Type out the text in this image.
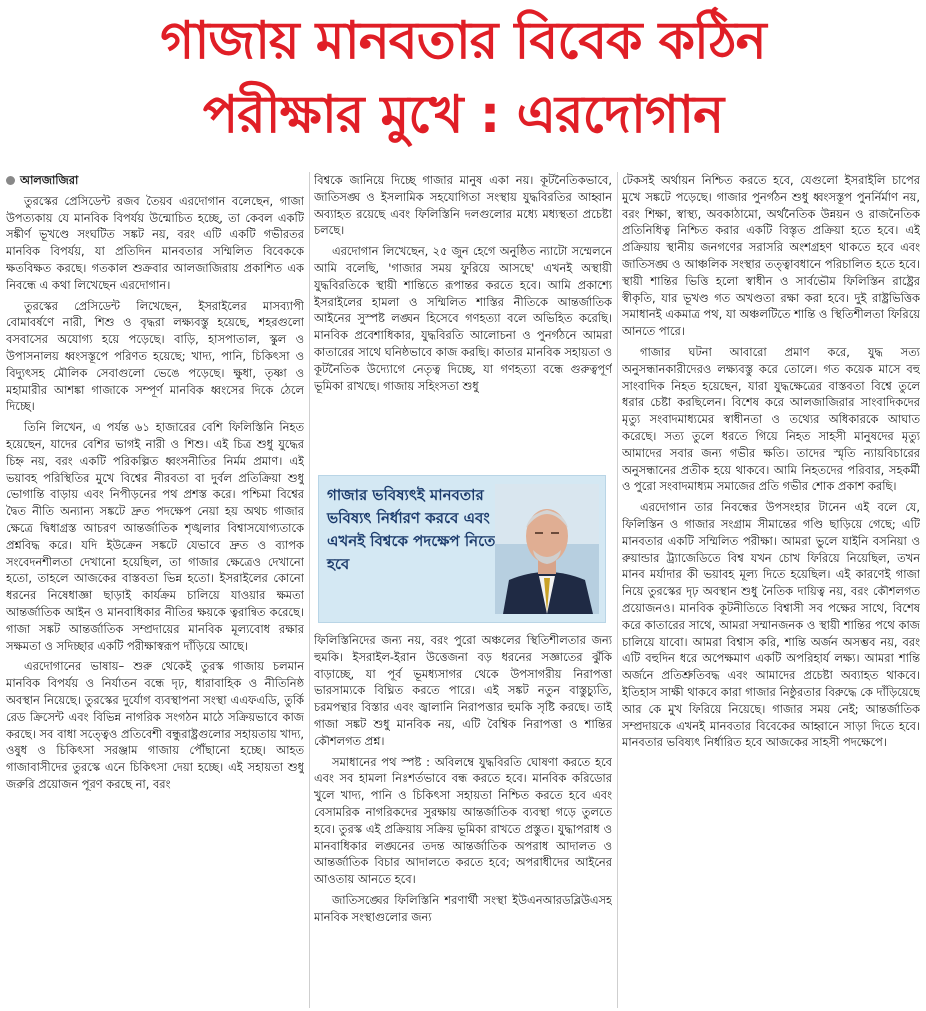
গাজায় মানবতার বিবেক কঠিন
পরীক্ষার মুখে : এরদোগান

আলজাজিরা

তুরস্কের প্রেসিডেন্ট রজব তৈয়ব এরদোগান বলেছেন, গাজা উপত্যকায় যে মানবিক বিপর্যয় উন্মোচিত হচ্ছে, তা কেবল একটি সঙ্কীর্ণ ভূখণ্ডে সংঘটিত সঙ্কট নয়, বরং এটি একটি গভীরতর মানবিক বিপর্যয়, যা প্রতিদিন মানবতার সম্মিলিত বিবেককে ক্ষতবিক্ষত করছে। গতকাল শুক্রবার আলজাজিরায় প্রকাশিত এক নিবন্ধে এ কথা লিখেছেন এরদোগান।

তুরস্কের প্রেসিডেন্ট লিখেছেন, ইসরাইলের মাসব্যাপী বোমাবর্ষণে নারী, শিশু ও বৃদ্ধরা লক্ষ্যবস্তু হয়েছে, শহরগুলো বসবাসের অযোগ্য হয়ে পড়েছে। বাড়ি, হাসপাতাল, স্কুল ও উপাসনালয় ধ্বংসস্তূপে পরিণত হয়েছে; খাদ্য, পানি, চিকিৎসা ও বিদ্যুৎসহ মৌলিক সেবাগুলো ভেঙে পড়েছে। ক্ষুধা, তৃষ্ণা ও মহামারীর আশঙ্কা গাজাকে সম্পূর্ণ মানবিক ধ্বংসের দিকে ঠেলে দিচ্ছে।

তিনি লিখেন, এ পর্যন্ত ৬১ হাজারের বেশি ফিলিস্তিনি নিহত হয়েছেন, যাদের বেশির ভাগই নারী ও শিশু। এই চিত্র শুধু যুদ্ধের চিহ্ন নয়, বরং একটি পরিকল্পিত ধ্বংসনীতির নির্মম প্রমাণ। এই ভয়াবহ পরিস্থিতির মুখে বিশ্বের নীরবতা বা দুর্বল প্রতিক্রিয়া শুধু ভোগান্তি বাড়ায় এবং নিপীড়নের পথ প্রশস্ত করে। পশ্চিমা বিশ্বের দ্বৈত নীতি অন্যান্য সঙ্কটে দ্রুত পদক্ষেপ নেয়া হয় অথচ গাজার ক্ষেত্রে দ্বিধাগ্রস্ত আচরণ আন্তর্জাতিক শৃঙ্খলার বিশ্বাসযোগ্যতাকে প্রশ্নবিদ্ধ করে। যদি ইউক্রেন সঙ্কটে যেভাবে দ্রুত ও ব্যাপক সংবেদনশীলতা দেখানো হয়েছিল, তা গাজার ক্ষেত্রেও দেখানো হতো, তাহলে আজকের বাস্তবতা ভিন্ন হতো। ইসরাইলের কোনো ধরনের নিষেধাজ্ঞা ছাড়াই কার্যক্রম চালিয়ে যাওয়ার ক্ষমতা আন্তর্জাতিক আইন ও মানবাধিকার নীতির ক্ষয়কে ত্বরান্বিত করেছে। গাজা সঙ্কট আন্তর্জাতিক সম্প্রদায়ের মানবিক মূল্যবোধ রক্ষার সক্ষমতা ও সদিচ্ছার একটি পরীক্ষাস্বরূপ দাঁড়িয়ে আছে।

এরদোগানের ভাষায়– শুরু থেকেই তুরস্ক গাজায় চলমান মানবিক বিপর্যয় ও নির্যাতন বন্ধে দৃঢ়, ধারাবাহিক ও নীতিনিষ্ঠ অবস্থান নিয়েছে। তুরস্কের দুর্যোগ ব্যবস্থাপনা সংস্থা এএফএডি, তুর্কি রেড ক্রিসেন্ট এবং বিভিন্ন নাগরিক সংগঠন মাঠে সক্রিয়ভাবে কাজ করছে। সব বাধা সত্ত্বেও প্রতিবেশী বন্ধুরাষ্ট্রগুলোর সহায়তায় খাদ্য, ওষুধ ও চিকিৎসা সরঞ্জাম গাজায় পৌঁছানো হচ্ছে। আহত গাজাবাসীদের তুরস্কে এনে চিকিৎসা দেয়া হচ্ছে। এই সহায়তা শুধু জরুরি প্রয়োজন পূরণ করছে না, বরং

বিশ্বকে জানিয়ে দিচ্ছে গাজার মানুষ একা নয়। কূটনৈতিকভাবে, জাতিসঙ্ঘ ও ইসলামিক সহযোগিতা সংস্থায় যুদ্ধবিরতির আহ্বান অব্যাহত রয়েছে এবং ফিলিস্তিনি দলগুলোর মধ্যে মধ্যস্থতা প্রচেষ্টা চলছে।

এরদোগান লিখেছেন, ২৫ জুন হেগে অনুষ্ঠিত ন্যাটো সম্মেলনে আমি বলেছি, 'গাজার সময় ফুরিয়ে আসছে' এখনই অস্থায়ী যুদ্ধবিরতিকে স্থায়ী শান্তিতে রূপান্তর করতে হবে। আমি প্রকাশ্যে ইসরাইলের হামলা ও সম্মিলিত শাস্তির নীতিকে আন্তর্জাতিক আইনের সুস্পষ্ট লঙ্ঘন হিসেবে গণহত্যা বলে অভিহিত করেছি। মানবিক প্রবেশাধিকার, যুদ্ধবিরতি আলোচনা ও পুনর্গঠনে আমরা কাতারের সাথে ঘনিষ্ঠভাবে কাজ করছি। কাতার মানবিক সহায়তা ও কূটনৈতিক উদ্যোগে নেতৃত্ব দিচ্ছে, যা গণহত্যা বন্ধে গুরুত্বপূর্ণ ভূমিকা রাখছে। গাজায় সহিংসতা শুধু

ফিলিস্তিনিদের জন্য নয়, বরং পুরো অঞ্চলের স্থিতিশীলতার জন্য হুমকি। ইসরাইল-ইরান উত্তেজনা বড় ধরনের সজ্ঞাতের ঝুঁকি বাড়াচ্ছে, যা পূর্ব ভূমধ্যসাগর থেকে উপসাগরীয় নিরাপত্তা ভারসাম্যকে বিঘ্নিত করতে পারে। এই সঙ্কট নতুন বাস্তুচ্যুতি, চরমপন্থার বিস্তার এবং জ্বালানি নিরাপত্তার হুমকি সৃষ্টি করছে। তাই গাজা সঙ্কট শুধু মানবিক নয়, এটি বৈশ্বিক নিরাপত্তা ও শান্তির কৌশলগত প্রশ্ন।

সমাধানের পথ স্পষ্ট : অবিলম্বে যুদ্ধবিরতি ঘোষণা করতে হবে এবং সব হামলা নিঃশর্তভাবে বন্ধ করতে হবে। মানবিক করিডোর খুলে খাদ্য, পানি ও চিকিৎসা সহায়তা নিশ্চিত করতে হবে এবং বেসামরিক নাগরিকদের সুরক্ষায় আন্তর্জাতিক ব্যবস্থা গড়ে তুলতে হবে। তুরস্ক এই প্রক্রিয়ায় সক্রিয় ভূমিকা রাখতে প্রস্তুত। যুদ্ধাপরাধ ও মানবাধিকার লঙ্ঘনের তদন্ত আন্তর্জাতিক অপরাধ আদালত ও আন্তর্জাতিক বিচার আদালতে করতে হবে; অপরাধীদের আইনের আওতায় আনতে হবে।

জাতিসঙ্ঘের ফিলিস্তিনি শরণার্থী সংস্থা ইউএনআরডব্লিউএসহ মানবিক সংস্থাগুলোর জন্য

গাজার ভবিষ্যৎই মানবতার ভবিষ্যৎ নির্ধারণ করবে এবং এখনই বিশ্বকে পদক্ষেপ নিতে হবে

টেকসই অর্থায়ন নিশ্চিত করতে হবে, যেগুলো ইসরাইলি চাপের মুখে সঙ্কটে পড়েছে। গাজার পুনর্গঠন শুধু ধ্বংসস্তূপ পুনর্নির্মাণ নয়, বরং শিক্ষা, স্বাস্থ্য, অবকাঠামো, অর্থনৈতিক উন্নয়ন ও রাজনৈতিক প্রতিনিধিত্ব নিশ্চিত করার একটি বিস্তৃত প্রক্রিয়া হতে হবে। এই প্রক্রিয়ায় স্থানীয় জনগণের সরাসরি অংশগ্রহণ থাকতে হবে এবং জাতিসঙ্ঘ ও আঞ্চলিক সংস্থার তত্ত্বাবধানে পরিচালিত হতে হবে। স্থায়ী শান্তির ভিত্তি হলো স্বাধীন ও সার্বভৌম ফিলিস্তিন রাষ্ট্রের স্বীকৃতি, যার ভূখণ্ড গত অখণ্ডতা রক্ষা করা হবে। দুই রাষ্ট্রভিত্তিক সমাধানই একমাত্র পথ, যা অঞ্চলটিতে শান্তি ও স্থিতিশীলতা ফিরিয়ে আনতে পারে।

গাজার ঘটনা আবারো প্রমাণ করে, যুদ্ধ সত্য অনুসন্ধানকারীদেরও লক্ষ্যবস্তু করে তোলে। গত কয়েক মাসে বহু সাংবাদিক নিহত হয়েছেন, যারা যুদ্ধক্ষেত্রের বাস্তবতা বিশ্বে তুলে ধরার চেষ্টা করছিলেন। বিশেষ করে আলজাজিরার সাংবাদিকদের মৃত্যু সংবাদমাধ্যমের স্বাধীনতা ও তথ্যের অধিকারকে আঘাত করেছে। সত্য তুলে ধরতে গিয়ে নিহত সাহসী মানুষদের মৃত্যু আমাদের সবার জন্য গভীর ক্ষতি। তাদের স্মৃতি ন্যায়বিচারের অনুসন্ধানের প্রতীক হয়ে থাকবে। আমি নিহতদের পরিবার, সহকর্মী ও পুরো সংবাদমাধ্যম সমাজের প্রতি গভীর শোক প্রকাশ করছি।

এরদোগান তার নিবন্ধের উপসংহার টানেন এই বলে যে, ফিলিস্তিন ও গাজার সংগ্রাম সীমান্তের গণ্ডি ছাড়িয়ে গেছে; এটি মানবতার একটি সম্মিলিত পরীক্ষা। আমরা ভুলে যাইনি বসনিয়া ও রুয়ান্ডার ট্র্যাজেডিতে বিশ্ব যখন চোখ ফিরিয়ে নিয়েছিল, তখন মানব মর্যাদার কী ভয়াবহ মূল্য দিতে হয়েছিল। এই কারণেই গাজা নিয়ে তুরস্কের দৃঢ় অবস্থান শুধু নৈতিক দায়িত্ব নয়, বরং কৌশলগত প্রয়োজনও। মানবিক কূটনীতিতে বিশ্বাসী সব পক্ষের সাথে, বিশেষ করে কাতারের সাথে, আমরা সম্মানজনক ও স্থায়ী শান্তির পথে কাজ চালিয়ে যাবো। আমরা বিশ্বাস করি, শান্তি অর্জন অসম্ভব নয়, বরং এটি বহুদিন ধরে অপেক্ষমাণ একটি অপরিহার্য লক্ষ্য। আমরা শান্তি অর্জনে প্রতিশ্রুতিবদ্ধ এবং আমাদের প্রচেষ্টা অব্যাহত থাকবে। ইতিহাস সাক্ষী থাকবে কারা গাজার নিষ্ঠুরতার বিরুদ্ধে কে দাঁড়িয়েছে আর কে মুখ ফিরিয়ে নিয়েছে। গাজার সময় নেই; আন্তর্জাতিক সম্প্রদায়কে এখনই মানবতার বিবেকের আহ্বানে সাড়া দিতে হবে। মানবতার ভবিষ্যৎ নির্ধারিত হবে আজকের সাহসী পদক্ষেপে।
